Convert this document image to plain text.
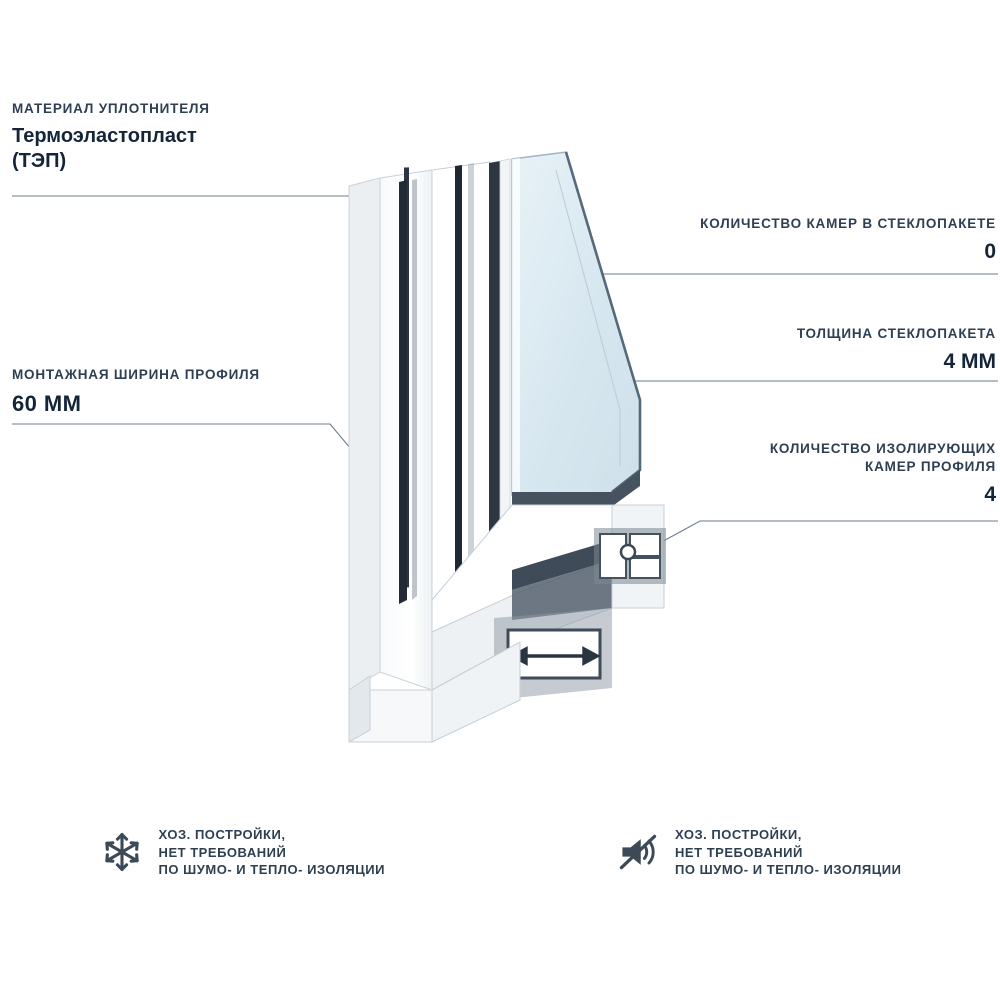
МАТЕРИАЛ УПЛОТНИТЕЛЯ
Термоэластопласт
(ТЭП)
МОНТАЖНАЯ ШИРИНА ПРОФИЛЯ
60 ММ
КОЛИЧЕСТВО КАМЕР В СТЕКЛОПАКЕТЕ
0
ТОЛЩИНА СТЕКЛОПАКЕТА
4 ММ
КОЛИЧЕСТВО ИЗОЛИРУЮЩИХ
КАМЕР ПРОФИЛЯ
4
ХОЗ. ПОСТРОЙКИ,
НЕТ ТРЕБОВАНИЙ
ПО ШУМО- И ТЕПЛО- ИЗОЛЯЦИИ
ХОЗ. ПОСТРОЙКИ,
НЕТ ТРЕБОВАНИЙ
ПО ШУМО- И ТЕПЛО- ИЗОЛЯЦИИ
